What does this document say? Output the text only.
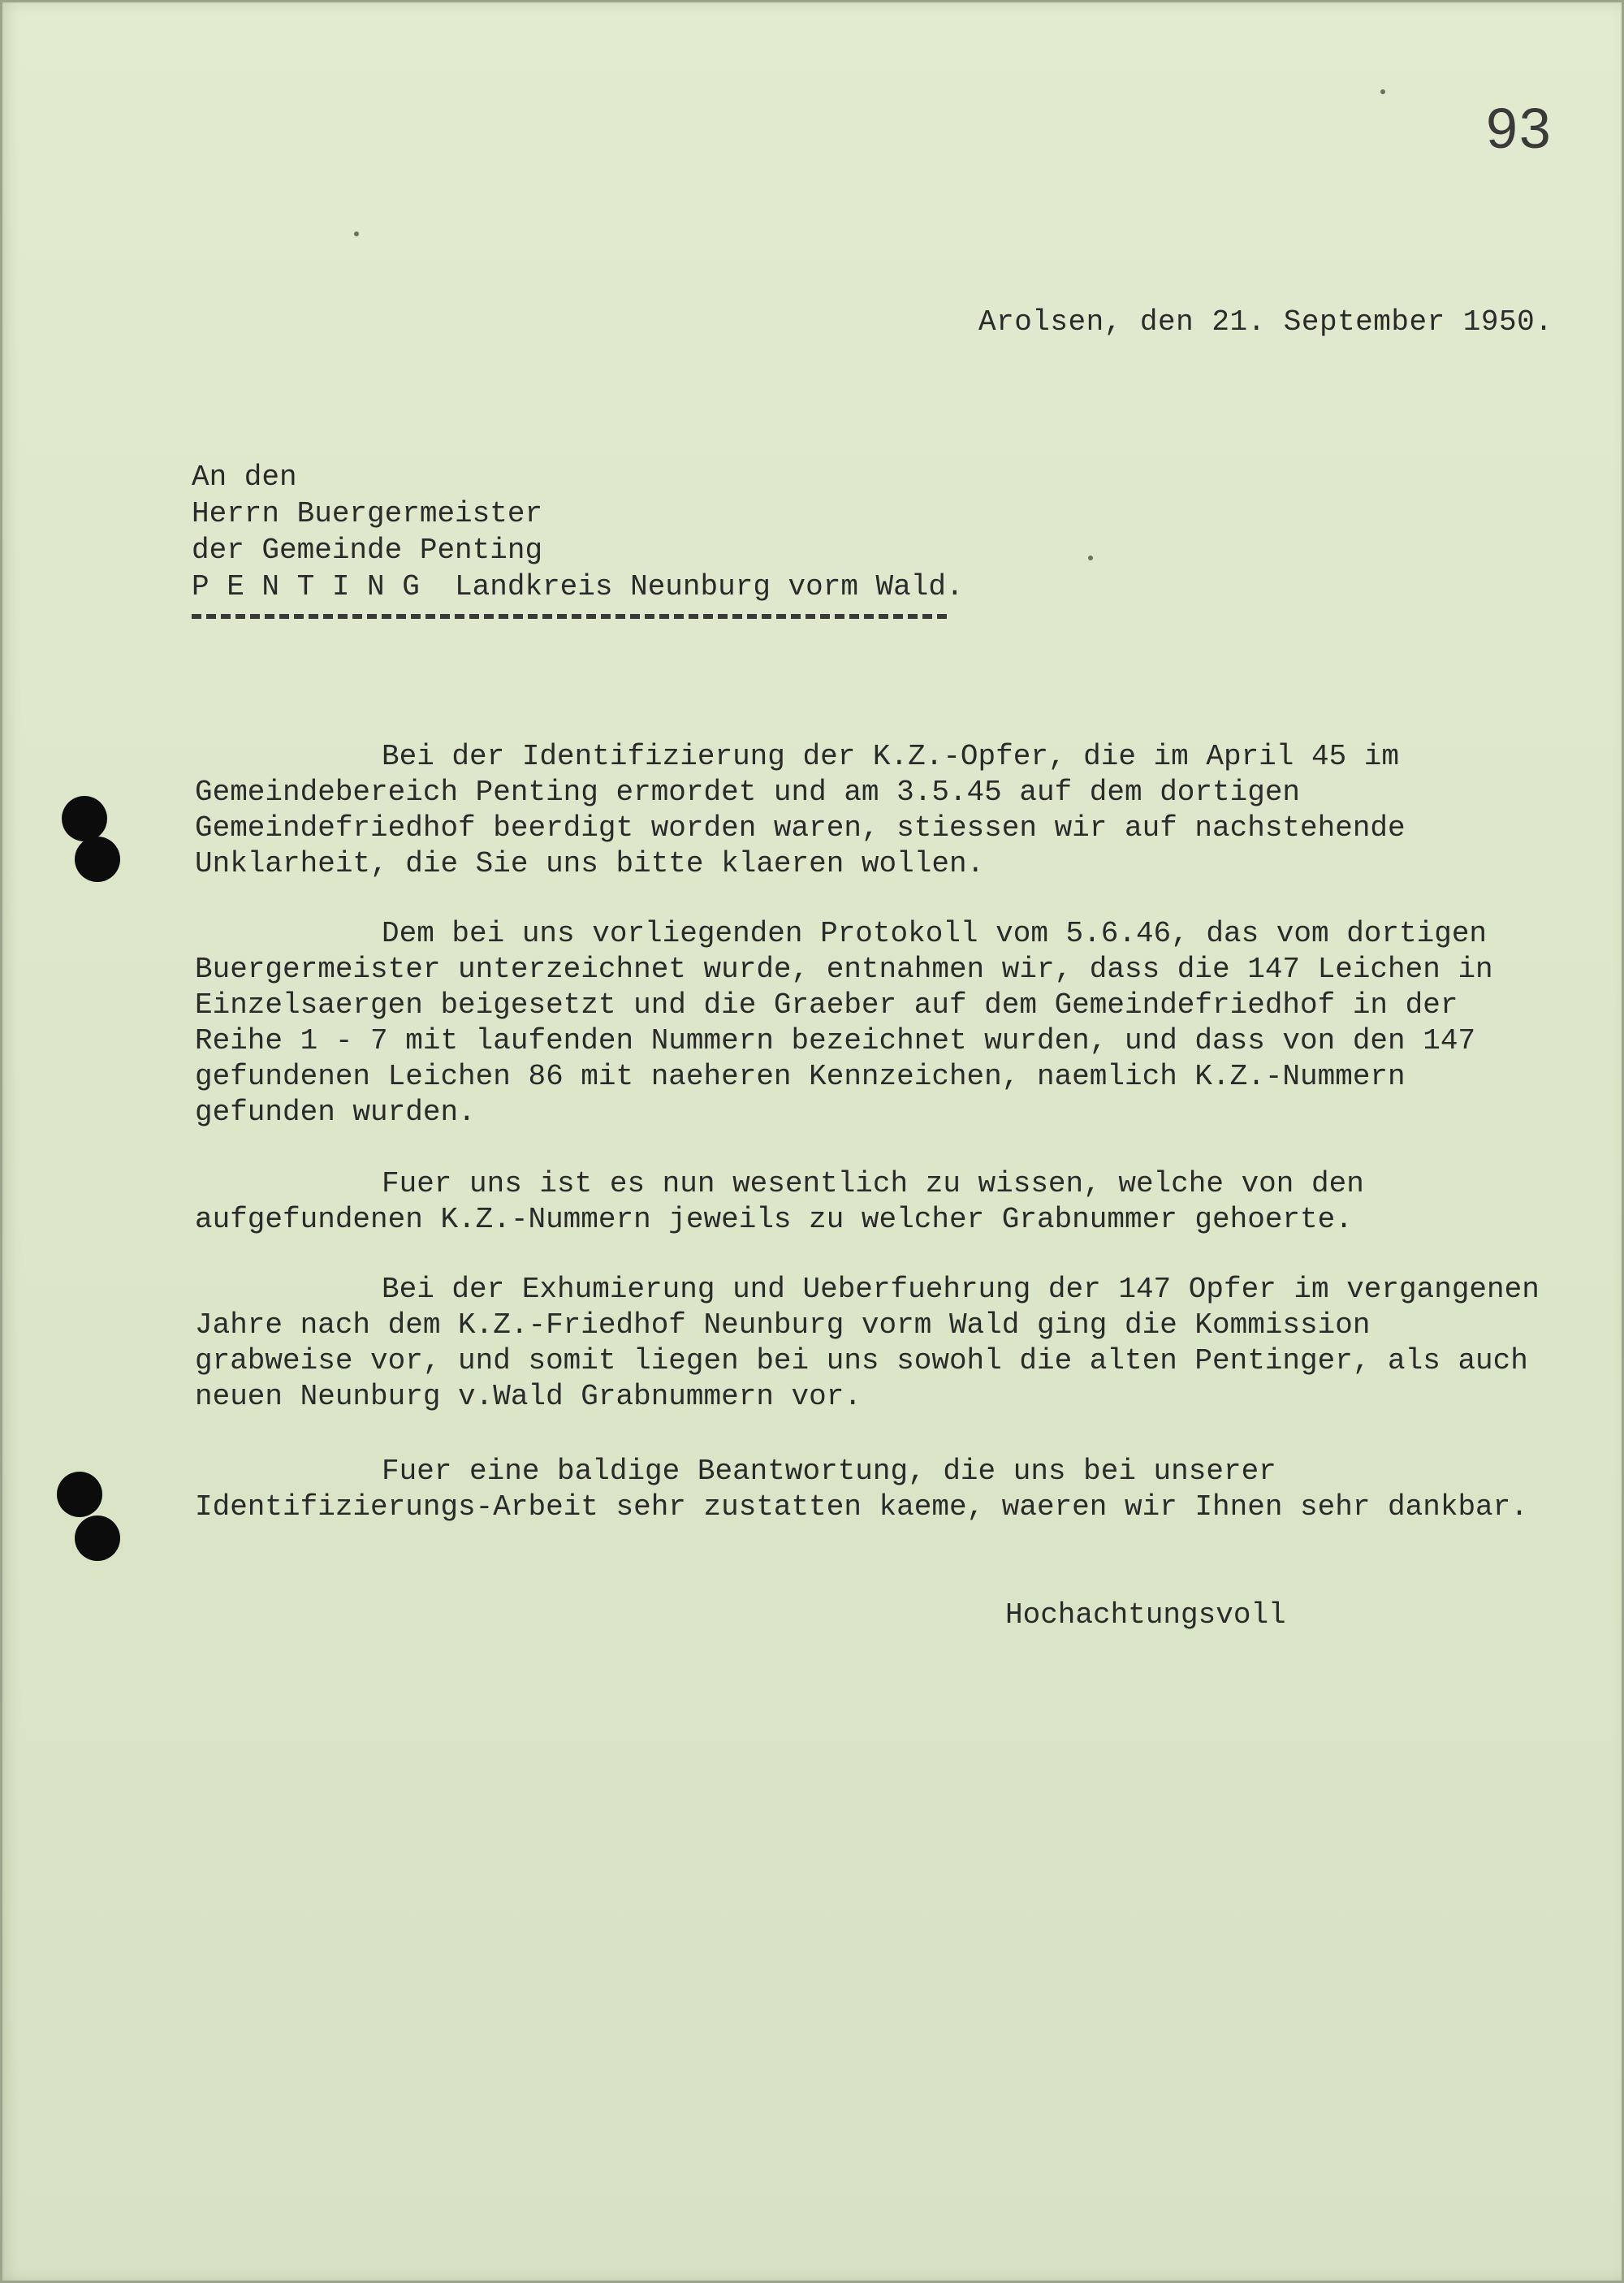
93
Arolsen, den 21. September 1950.
An den
Herrn Buergermeister
der Gemeinde Penting
P E N T I N G  Landkreis Neunburg vorm Wald.

Bei der Identifizierung der K.Z.-Opfer, die im April 45 im Gemeindebereich Penting ermordet und am 3.5.45 auf dem dortigen Gemeindefriedhof beerdigt worden waren, stiessen wir auf nachstehende Unklarheit, die Sie uns bitte klaeren wollen.

Dem bei uns vorliegenden Protokoll vom 5.6.46, das vom dortigen Buergermeister unterzeichnet wurde, entnahmen wir, dass die 147 Leichen in Einzelsaergen beigesetzt und die Graeber auf dem Gemeindefriedhof in der Reihe 1 - 7 mit laufenden Nummern bezeichnet wurden, und dass von den 147 gefundenen Leichen 86 mit naeheren Kennzeichen, naemlich K.Z.-Nummern gefunden wurden.

Fuer uns ist es nun wesentlich zu wissen, welche von den aufgefundenen K.Z.-Nummern jeweils zu welcher Grabnummer gehoerte.

Bei der Exhumierung und Ueberfuehrung der 147 Opfer im vergangenen Jahre nach dem K.Z.-Friedhof Neunburg vorm Wald ging die Kommission grabweise vor, und somit liegen bei uns sowohl die alten Pentinger, als auch neuen Neunburg v.Wald Grabnummern vor.

Fuer eine baldige Beantwortung, die uns bei unserer Identifizierungs-Arbeit sehr zustatten kaeme, waeren wir Ihnen sehr dankbar.

Hochachtungsvoll
